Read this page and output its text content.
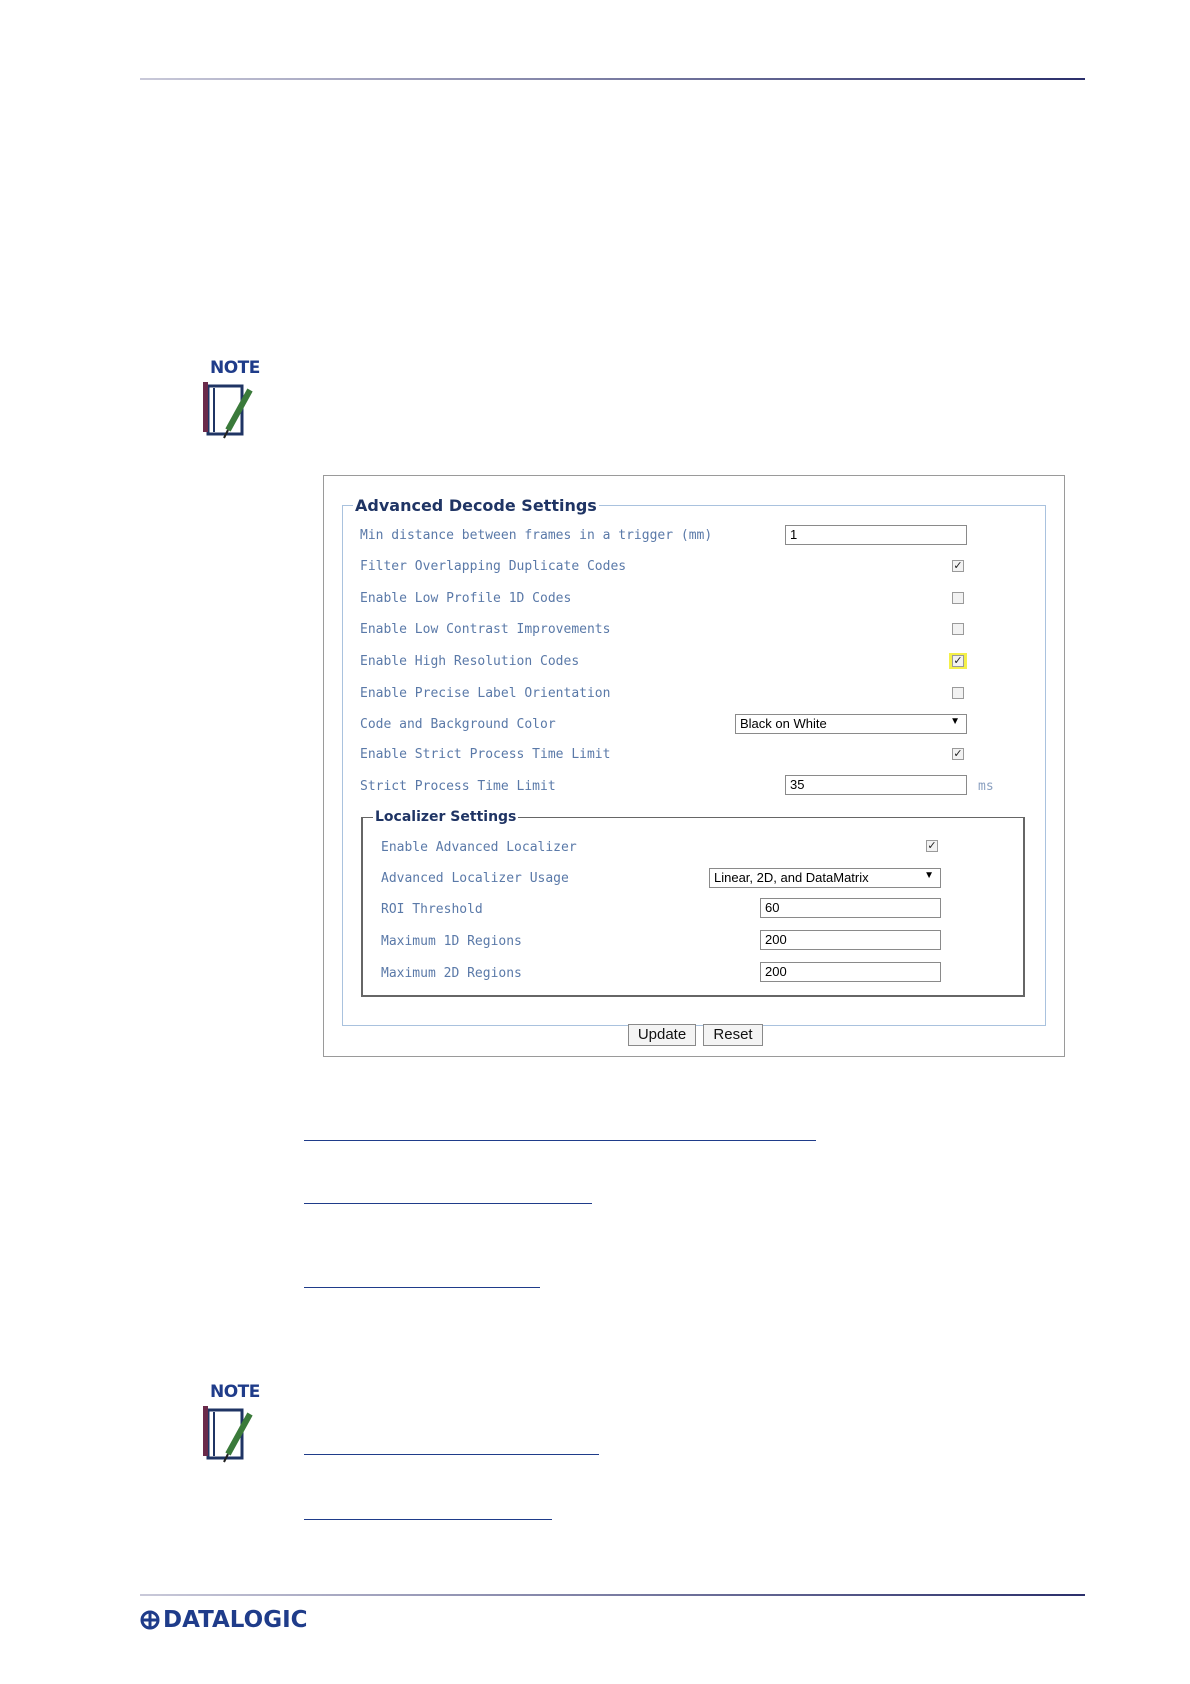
NOTE
Advanced Decode Settings
Min distance between frames in a trigger (mm)	1
Filter Overlapping Duplicate Codes	✓
Enable Low Profile 1D Codes
Enable Low Contrast Improvements
Enable High Resolution Codes	✓
Enable Precise Label Orientation
Code and Background Color	Black on White	▼
Enable Strict Process Time Limit	✓
Strict Process Time Limit	35	ms
Localizer Settings
Enable Advanced Localizer	✓
Advanced Localizer Usage	Linear, 2D, and DataMatrix	▼
ROI Threshold	60
Maximum 1D Regions	200
Maximum 2D Regions	200
Update	Reset
NOTE
DATALOGIC
